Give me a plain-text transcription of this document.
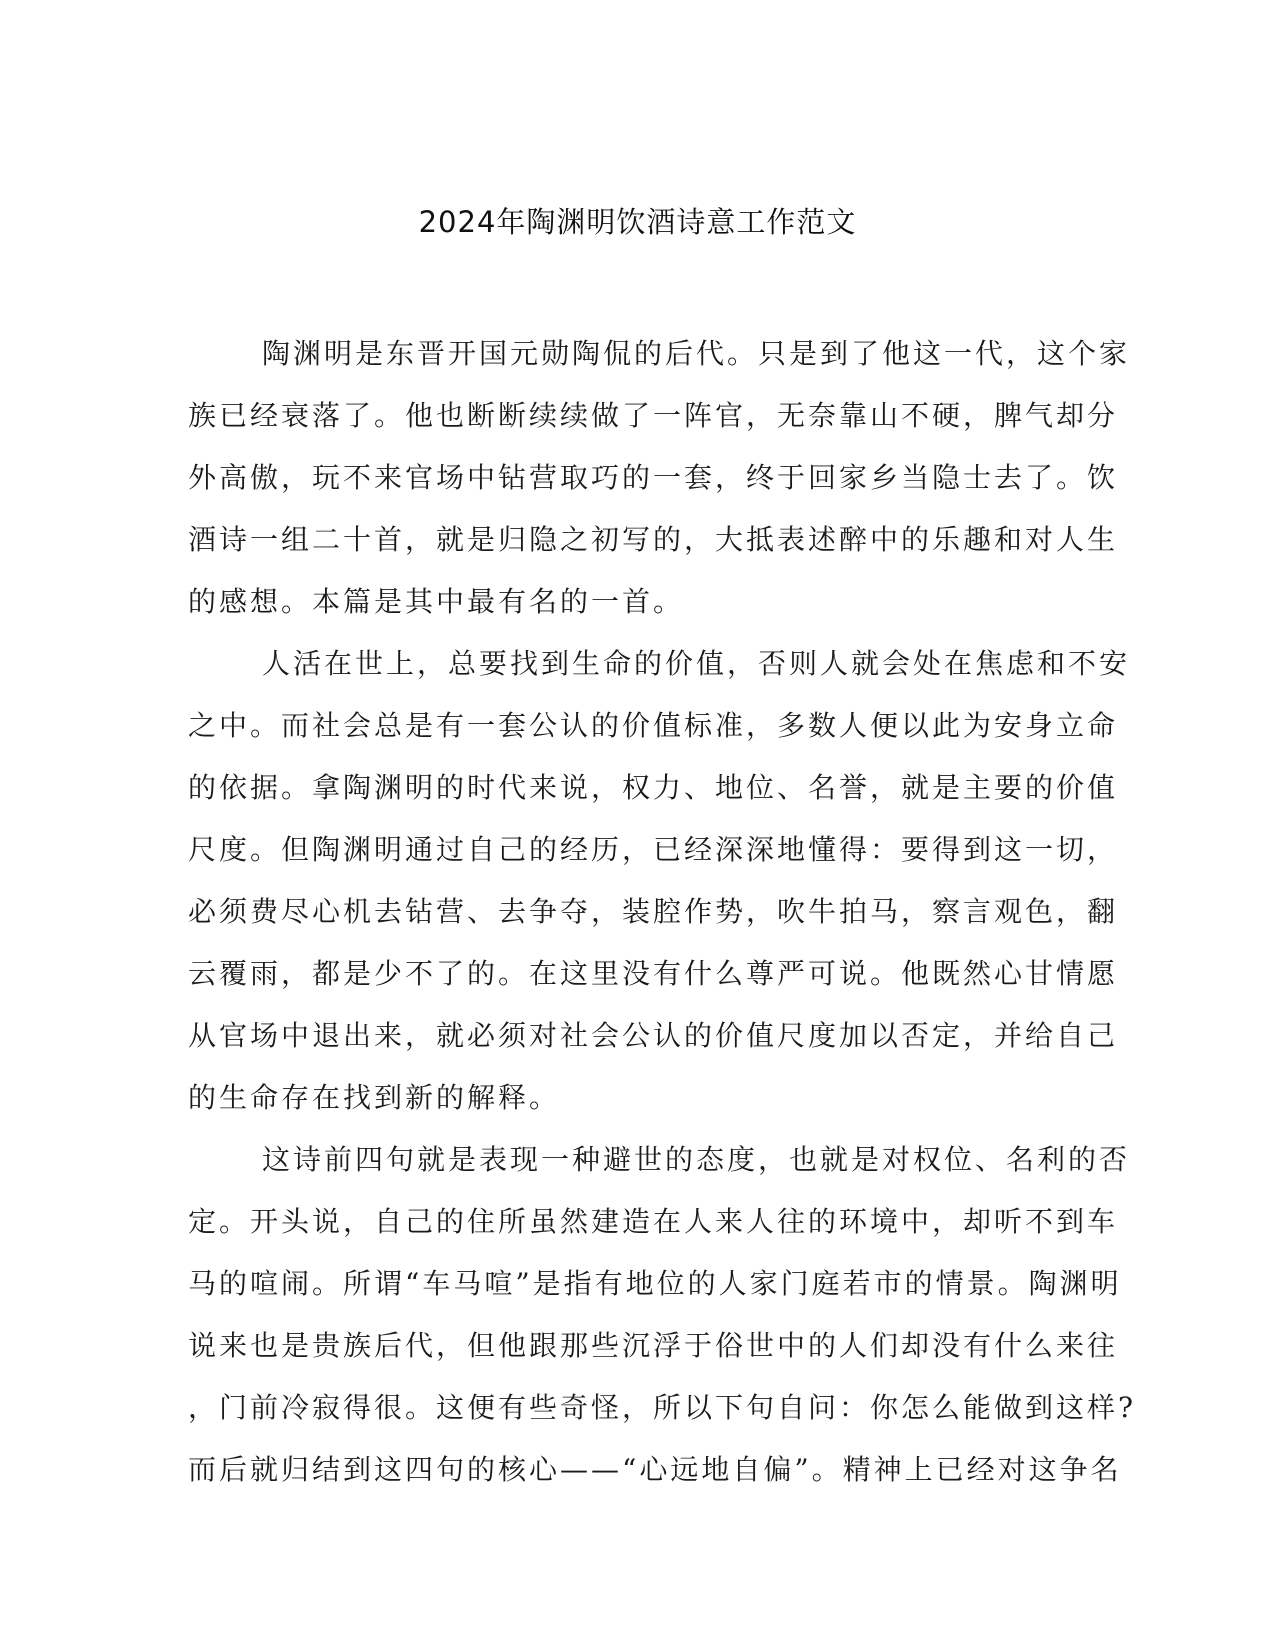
2024年陶渊明饮酒诗意工作范文
陶渊明是东晋开国元勋陶侃的后代。只是到了他这一代，这个家
族已经衰落了。他也断断续续做了一阵官，无奈靠山不硬，脾气却分
外高傲，玩不来官场中钻营取巧的一套，终于回家乡当隐士去了。饮
酒诗一组二十首，就是归隐之初写的，大抵表述醉中的乐趣和对人生
的感想。本篇是其中最有名的一首。
人活在世上，总要找到生命的价值，否则人就会处在焦虑和不安
之中。而社会总是有一套公认的价值标准，多数人便以此为安身立命
的依据。拿陶渊明的时代来说，权力、地位、名誉，就是主要的价值
尺度。但陶渊明通过自己的经历，已经深深地懂得：要得到这一切，
必须费尽心机去钻营、去争夺，装腔作势，吹牛拍马，察言观色，翻
云覆雨，都是少不了的。在这里没有什么尊严可说。他既然心甘情愿
从官场中退出来，就必须对社会公认的价值尺度加以否定，并给自己
的生命存在找到新的解释。
这诗前四句就是表现一种避世的态度，也就是对权位、名利的否
定。开头说，自己的住所虽然建造在人来人往的环境中，却听不到车
马的喧闹。所谓“车马喧”是指有地位的人家门庭若市的情景。陶渊明
说来也是贵族后代，但他跟那些沉浮于俗世中的人们却没有什么来往
，门前冷寂得很。这便有些奇怪，所以下句自问：你怎么能做到这样?
而后就归结到这四句的核心——“心远地自偏”。精神上已经对这争名
